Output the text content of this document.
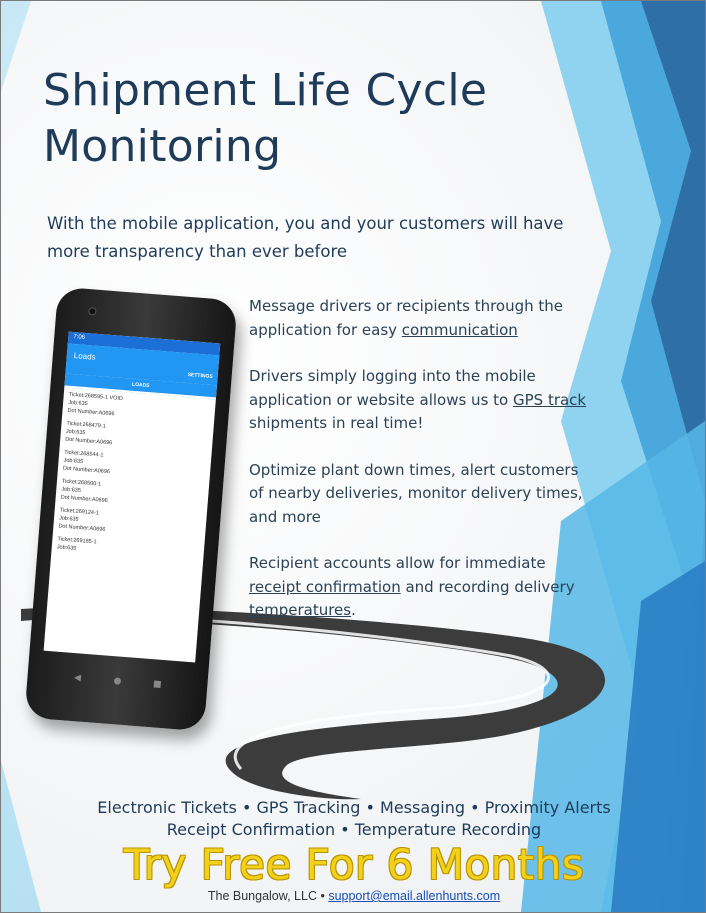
Shipment Life Cycle Monitoring

With the mobile application, you and your customers will have more transparency than ever before

Message drivers or recipients through the application for easy communication

Drivers simply logging into the mobile application or website allows us to GPS track shipments in real time!

Optimize plant down times, alert customers of nearby deliveries, monitor delivery times, and more

Recipient accounts allow for immediate receipt confirmation and recording delivery temperatures.

7:06
Loads
SETTINGS
LOADS
Ticket:268595-1 VOID
Job:635
Dot Number:A0696
Ticket:268479-1
Job:635
Dot Number:A0696
Ticket:268544-1
Job:635
Dot Number:A0696
Ticket:268500-1
Job:635
Dot Number:A0696
Ticket:269124-1
Job:635
Dot Number:A0696
Ticket:269185-1
Job:635
◀	●	■

Electronic Tickets • GPS Tracking • Messaging • Proximity Alerts

Receipt Confirmation • Temperature Recording

Try Free For 6 Months

The Bungalow, LLC • support@email.allenhunts.com
